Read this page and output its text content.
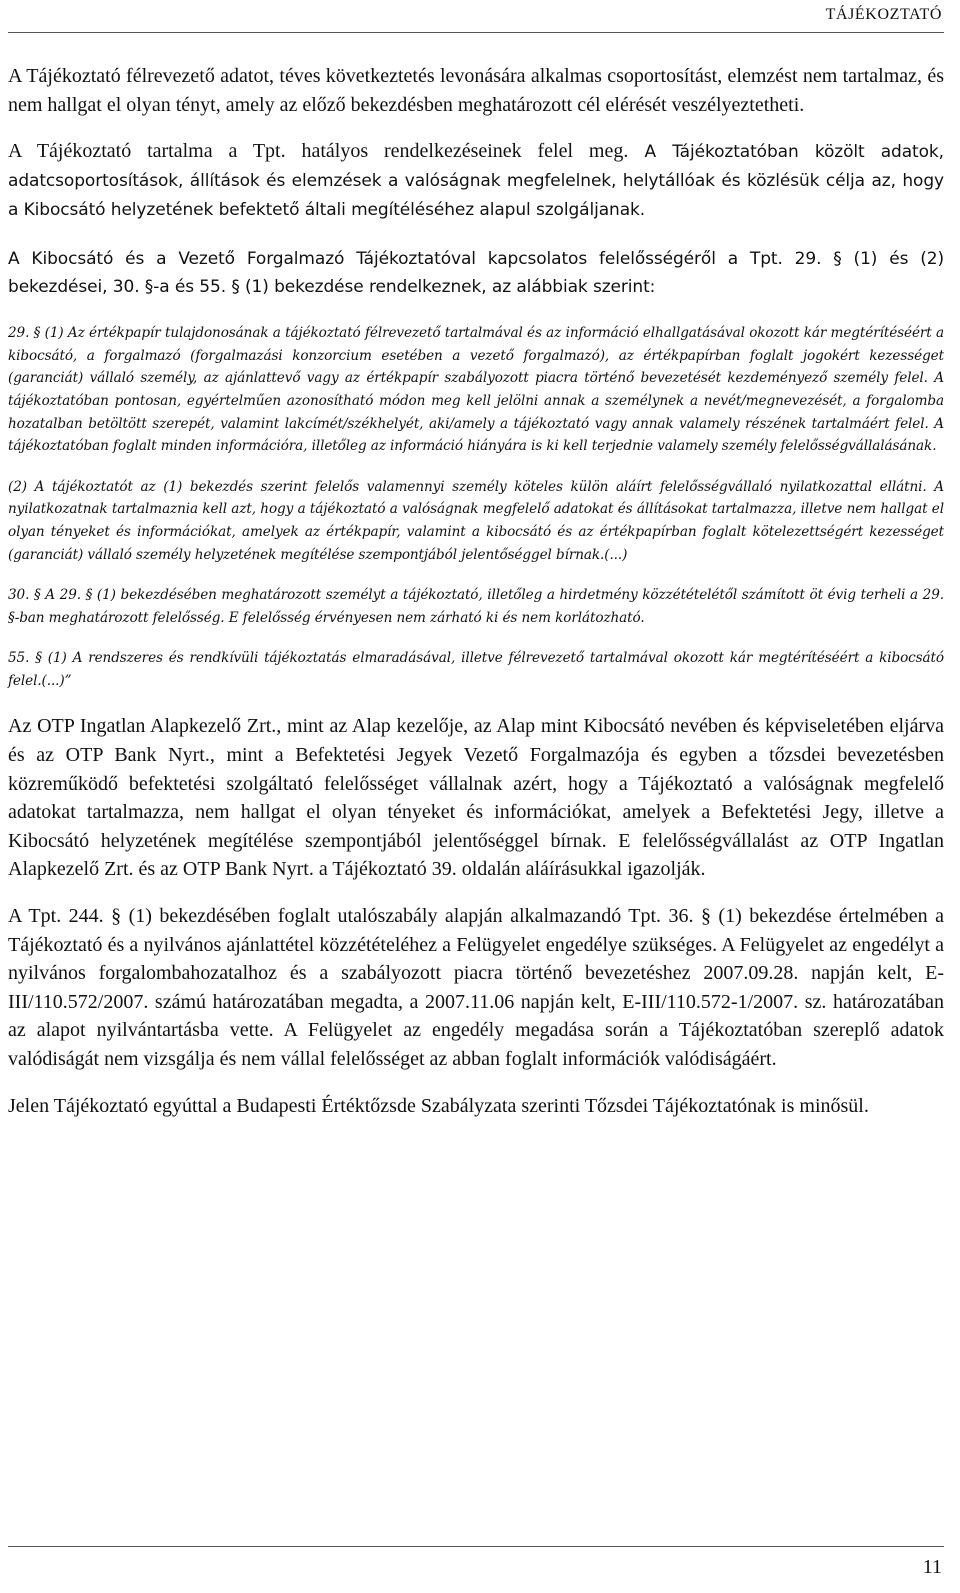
TÁJÉKOZTATÓ

A Tájékoztató félrevezető adatot, téves következtetés levonására alkalmas csoportosítást, elemzést nem tartalmaz, és nem hallgat el olyan tényt, amely az előző bekezdésben meghatározott cél elérését veszélyeztetheti.

A Tájékoztató tartalma a Tpt. hatályos rendelkezéseinek felel meg. A Tájékoztatóban közölt adatok, adatcsoportosítások, állítások és elemzések a valóságnak megfelelnek, helytállóak és közlésük célja az, hogy a Kibocsátó helyzetének befektető általi megítéléséhez alapul szolgáljanak.

A Kibocsátó és a Vezető Forgalmazó Tájékoztatóval kapcsolatos felelősségéről a Tpt. 29. § (1) és (2) bekezdései, 30. §-a és 55. § (1) bekezdése rendelkeznek, az alábbiak szerint:

29. § (1) Az értékpapír tulajdonosának a tájékoztató félrevezető tartalmával és az információ elhallgatásával okozott kár megtérítéséért a kibocsátó, a forgalmazó (forgalmazási konzorcium esetében a vezető forgalmazó), az értékpapírban foglalt jogokért kezességet (garanciát) vállaló személy, az ajánlattevő vagy az értékpapír szabályozott piacra történő bevezetését kezdeményező személy felel. A tájékoztatóban pontosan, egyértelműen azonosítható módon meg kell jelölni annak a személynek a nevét/megnevezését, a forgalomba hozatalban betöltött szerepét, valamint lakcímét/székhelyét, aki/amely a tájékoztató vagy annak valamely részének tartalmáért felel. A tájékoztatóban foglalt minden információra, illetőleg az információ hiányára is ki kell terjednie valamely személy felelősségvállalásának.

(2) A tájékoztatót az (1) bekezdés szerint felelős valamennyi személy köteles külön aláírt felelősségvállaló nyilatkozattal ellátni. A nyilatkozatnak tartalmaznia kell azt, hogy a tájékoztató a valóságnak megfelelő adatokat és állításokat tartalmazza, illetve nem hallgat el olyan tényeket és információkat, amelyek az értékpapír, valamint a kibocsátó és az értékpapírban foglalt kötelezettségért kezességet (garanciát) vállaló személy helyzetének megítélése szempontjából jelentőséggel bírnak.(...)

30. § A 29. § (1) bekezdésében meghatározott személyt a tájékoztató, illetőleg a hirdetmény közzétételétől számított öt évig terheli a 29. §-ban meghatározott felelősség. E felelősség érvényesen nem zárható ki és nem korlátozható.

55. § (1) A rendszeres és rendkívüli tájékoztatás elmaradásával, illetve félrevezető tartalmával okozott kár megtérítéséért a kibocsátó felel.(...)”

Az OTP Ingatlan Alapkezelő Zrt., mint az Alap kezelője, az Alap mint Kibocsátó nevében és képviseletében eljárva és az OTP Bank Nyrt., mint a Befektetési Jegyek Vezető Forgalmazója és egyben a tőzsdei bevezetésben közreműködő befektetési szolgáltató felelősséget vállalnak azért, hogy a Tájékoztató a valóságnak megfelelő adatokat tartalmazza, nem hallgat el olyan tényeket és információkat, amelyek a Befektetési Jegy, illetve a Kibocsátó helyzetének megítélése szempontjából jelentőséggel bírnak. E felelősségvállalást az OTP Ingatlan Alapkezelő Zrt. és az OTP Bank Nyrt. a Tájékoztató 39. oldalán aláírásukkal igazolják.

A Tpt. 244. § (1) bekezdésében foglalt utalószabály alapján alkalmazandó Tpt. 36. § (1) bekezdése értelmében a Tájékoztató és a nyilvános ajánlattétel közzétételéhez a Felügyelet engedélye szükséges. A Felügyelet az engedélyt a nyilvános forgalombahozatalhoz és a szabályozott piacra történő bevezetéshez 2007.09.28. napján kelt, E-III/110.572/2007. számú határozatában megadta, a 2007.11.06 napján kelt, E-III/110.572-1/2007. sz. határozatában az alapot nyilvántartásba vette. A Felügyelet az engedély megadása során a Tájékoztatóban szereplő adatok valódiságát nem vizsgálja és nem vállal felelősséget az abban foglalt információk valódiságáért.

Jelen Tájékoztató egyúttal a Budapesti Értéktőzsde Szabályzata szerinti Tőzsdei Tájékoztatónak is minősül.

11
